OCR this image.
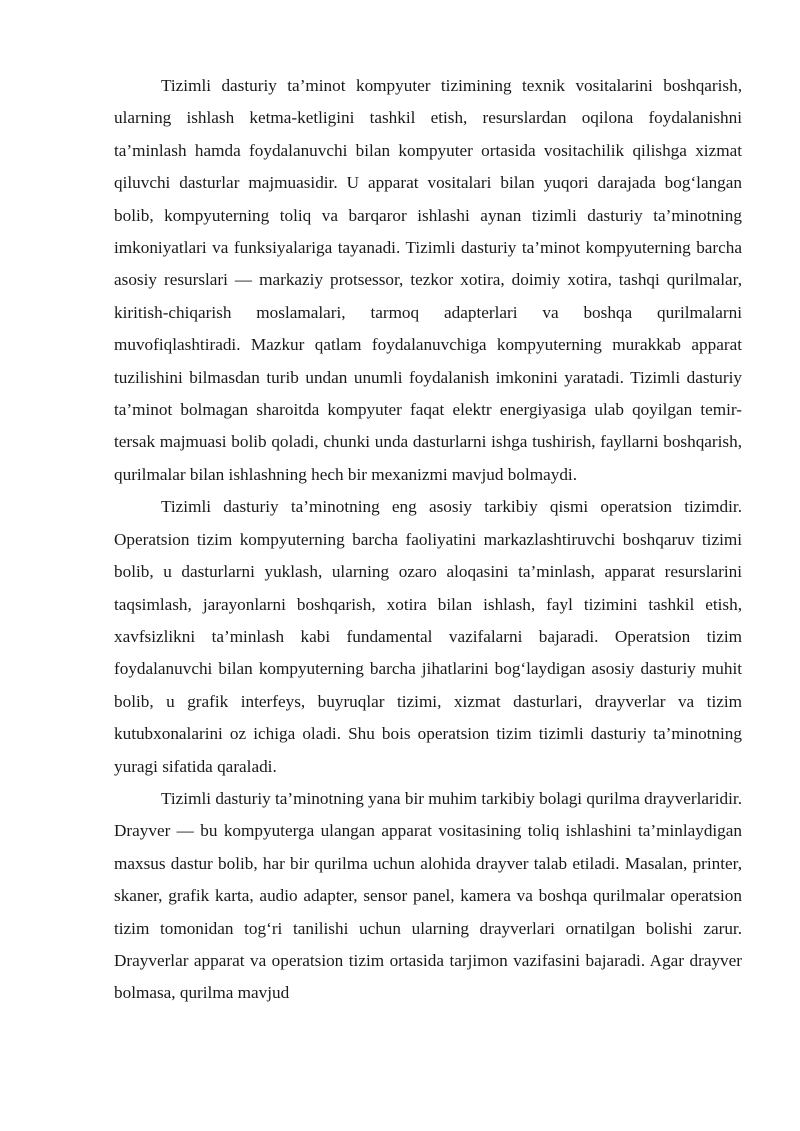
Tizimli dasturiy ta’minot kompyuter tizimining texnik vositalarini boshqarish, ularning ishlash ketma-ketligini tashkil etish, resurslardan oqilona foydalanishni ta’minlash hamda foydalanuvchi bilan kompyuter ortasida vositachilik qilishga xizmat qiluvchi dasturlar majmuasidir. U apparat vositalari bilan yuqori darajada bog‘langan bolib, kompyuterning toliq va barqaror ishlashi aynan tizimli dasturiy ta’minotning imkoniyatlari va funksiyalariga tayanadi. Tizimli dasturiy ta’minot kompyuterning barcha asosiy resurslari — markaziy protsessor, tezkor xotira, doimiy xotira, tashqi qurilmalar, kiritish-chiqarish moslamalari, tarmoq adapterlari va boshqa qurilmalarni muvofiqlashtiradi. Mazkur qatlam foydalanuvchiga kompyuterning murakkab apparat tuzilishini bilmasdan turib undan unumli foydalanish imkonini yaratadi. Tizimli dasturiy ta’minot bolmagan sharoitda kompyuter faqat elektr energiyasiga ulab qoyilgan temir-tersak majmuasi bolib qoladi, chunki unda dasturlarni ishga tushirish, fayllarni boshqarish, qurilmalar bilan ishlashning hech bir mexanizmi mavjud bolmaydi.

Tizimli dasturiy ta’minotning eng asosiy tarkibiy qismi operatsion tizimdir. Operatsion tizim kompyuterning barcha faoliyatini markazlashtiruvchi boshqaruv tizimi bolib, u dasturlarni yuklash, ularning ozaro aloqasini ta’minlash, apparat resurslarini taqsimlash, jarayonlarni boshqarish, xotira bilan ishlash, fayl tizimini tashkil etish, xavfsizlikni ta’minlash kabi fundamental vazifalarni bajaradi. Operatsion tizim foydalanuvchi bilan kompyuterning barcha jihatlarini bog‘laydigan asosiy dasturiy muhit bolib, u grafik interfeys, buyruqlar tizimi, xizmat dasturlari, drayverlar va tizim kutubxonalarini oz ichiga oladi. Shu bois operatsion tizim tizimli dasturiy ta’minotning yuragi sifatida qaraladi.

Tizimli dasturiy ta’minotning yana bir muhim tarkibiy bolagi qurilma drayverlaridir. Drayver — bu kompyuterga ulangan apparat vositasining toliq ishlashini ta’minlaydigan maxsus dastur bolib, har bir qurilma uchun alohida drayver talab etiladi. Masalan, printer, skaner, grafik karta, audio adapter, sensor panel, kamera va boshqa qurilmalar operatsion tizim tomonidan tog‘ri tanilishi uchun ularning drayverlari ornatilgan bolishi zarur. Drayverlar apparat va operatsion tizim ortasida tarjimon vazifasini bajaradi. Agar drayver bolmasa, qurilma mavjud
